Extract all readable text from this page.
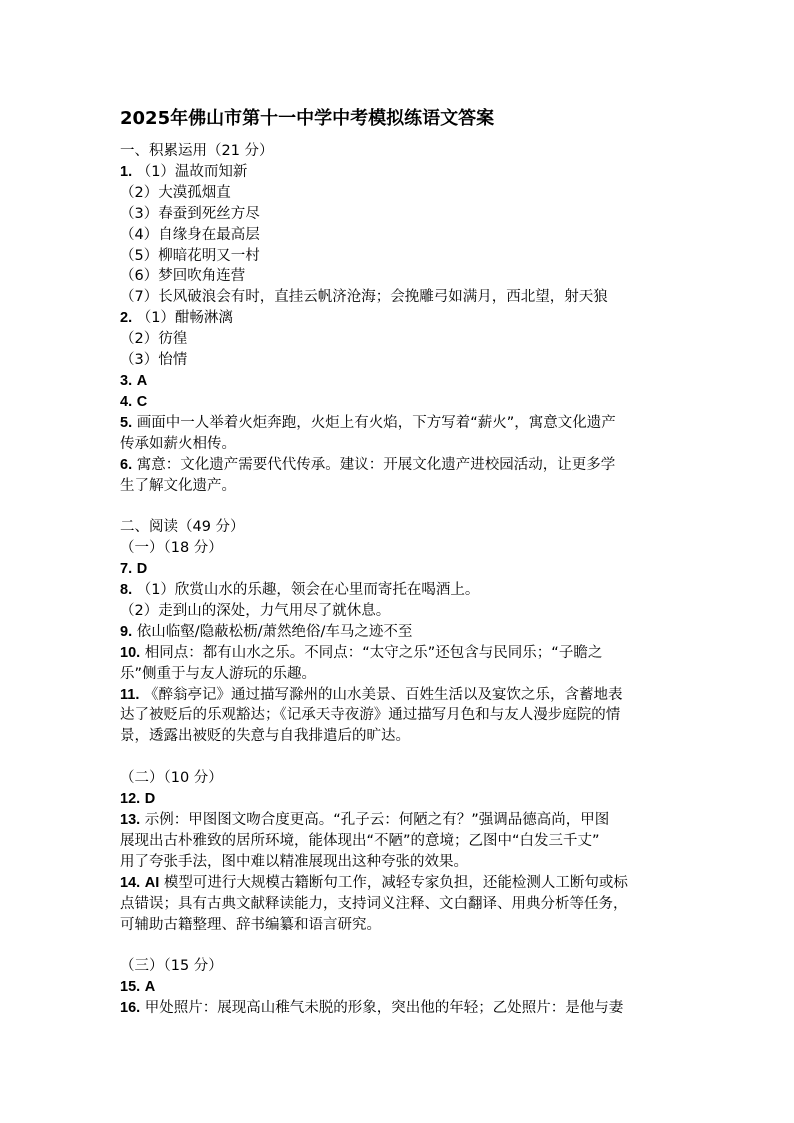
2025年佛山市第十一中学中考模拟练语文答案
一、积累运用（21 分）
1. （1）温故而知新
（2）大漠孤烟直
（3）春蚕到死丝方尽
（4）自缘身在最高层
（5）柳暗花明又一村
（6）梦回吹角连营
（7）长风破浪会有时，直挂云帆济沧海；会挽雕弓如满月，西北望，射天狼
2. （1）酣畅淋漓
（2）彷徨
（3）怡情
3. A
4. C
5. 画面中一人举着火炬奔跑，火炬上有火焰，下方写着“薪火”，寓意文化遗产
传承如薪火相传。
6. 寓意：文化遗产需要代代传承。建议：开展文化遗产进校园活动，让更多学
生了解文化遗产。
二、阅读（49 分）
（一）（18 分）
7. D
8. （1）欣赏山水的乐趣，领会在心里而寄托在喝酒上。
（2）走到山的深处，力气用尽了就休息。
9. 依山临壑/隐蔽松枥/萧然绝俗/车马之迹不至
10. 相同点：都有山水之乐。不同点：“太守之乐”还包含与民同乐；“子瞻之
乐”侧重于与友人游玩的乐趣。
11. 《醉翁亭记》通过描写滁州的山水美景、百姓生活以及宴饮之乐，含蓄地表
达了被贬后的乐观豁达；《记承天寺夜游》通过描写月色和与友人漫步庭院的情
景，透露出被贬的失意与自我排遣后的旷达。
（二）（10 分）
12. D
13. 示例：甲图图文吻合度更高。“孔子云：何陋之有？”强调品德高尚，甲图
展现出古朴雅致的居所环境，能体现出“不陋”的意境；乙图中“白发三千丈”
用了夸张手法，图中难以精准展现出这种夸张的效果。
14. AI 模型可进行大规模古籍断句工作，减轻专家负担，还能检测人工断句或标
点错误；具有古典文献释读能力，支持词义注释、文白翻译、用典分析等任务，
可辅助古籍整理、辞书编纂和语言研究。
（三）（15 分）
15. A
16. 甲处照片：展现高山稚气未脱的形象，突出他的年轻；乙处照片：是他与妻
